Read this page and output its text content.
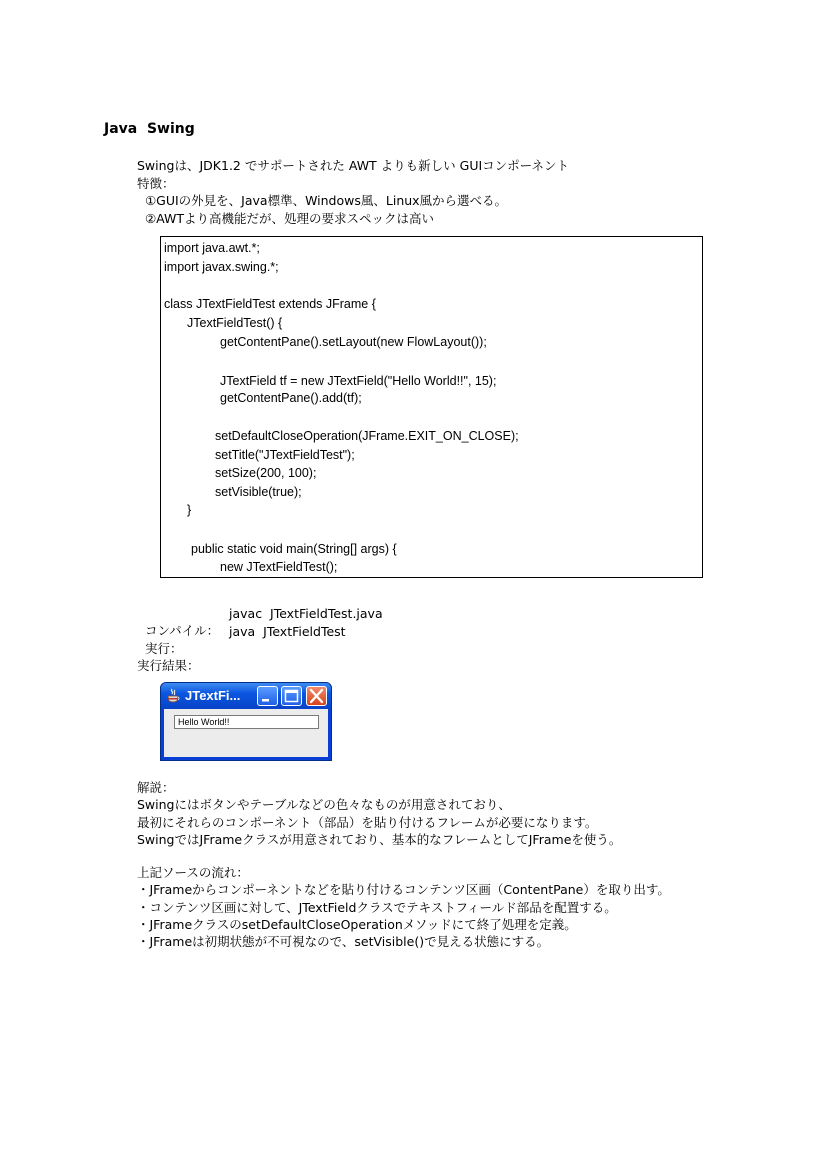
Java  Swing
Swingは、JDK1.2 でサポートされた AWT よりも新しい GUIコンポーネント
特徴：
①GUIの外見を、Java標準、Windows風、Linux風から選べる。
②AWTより高機能だが、処理の要求スペックは高い
import java.awt.*;
import javax.swing.*;
class JTextFieldTest extends JFrame {
JTextFieldTest() {
getContentPane().setLayout(new FlowLayout());
JTextField tf = new JTextField("Hello World!!", 15);
getContentPane().add(tf);
setDefaultCloseOperation(JFrame.EXIT_ON_CLOSE);
setTitle("JTextFieldTest");
setSize(200, 100);
setVisible(true);
}
public static void main(String[] args) {
new JTextFieldTest();

コンパイル：

javac  JTextFieldTest.java

実行：

java  JTextFieldTest

実行結果：
JTextFi...
Hello World!!
解説：
Swingにはボタンやテーブルなどの色々なものが用意されており、
最初にそれらのコンポーネント（部品）を貼り付けるフレームが必要になります。
SwingではJFrameクラスが用意されており、基本的なフレームとしてJFrameを使う。
上記ソースの流れ：
・JFrameからコンポーネントなどを貼り付けるコンテンツ区画（ContentPane）を取り出す。
・コンテンツ区画に対して、JTextFieldクラスでテキストフィールド部品を配置する。
・JFrameクラスのsetDefaultCloseOperationメソッドにて終了処理を定義。
・JFrameは初期状態が不可視なので、setVisible()で見える状態にする。
